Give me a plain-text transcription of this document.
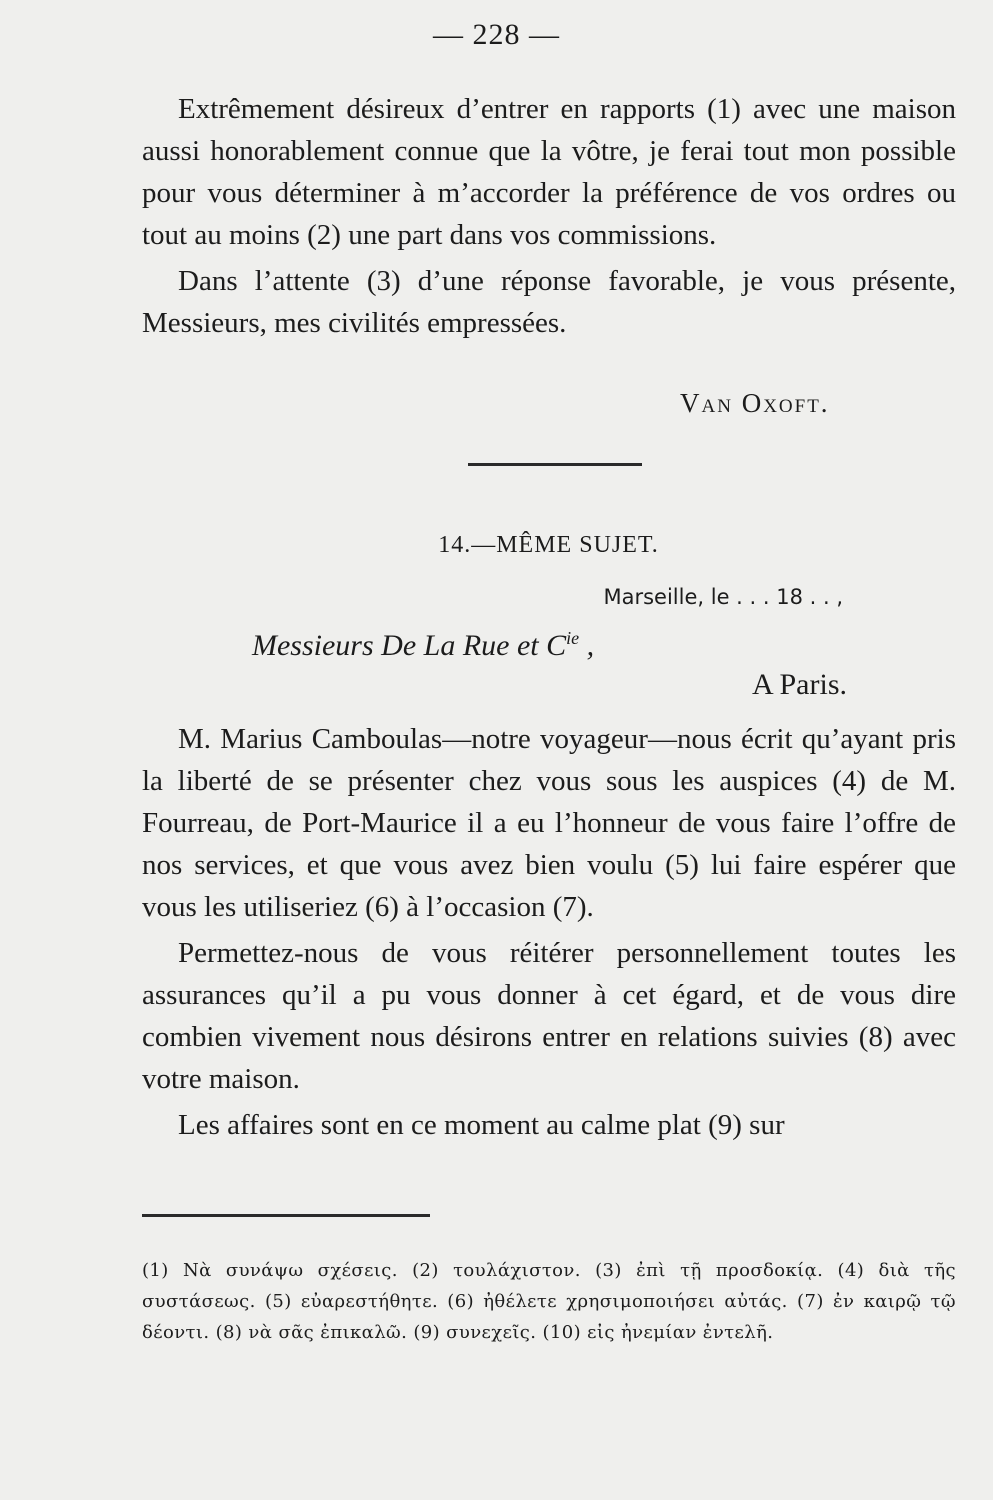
— 228 —

Extrêmement désireux d’entrer en rapports (1) avec une maison aussi honorablement connue que la vôtre, je ferai tout mon possible pour vous déterminer à m’accorder la préférence de vos ordres ou tout au moins (2) une part dans vos commissions.

Dans l’attente (3) d’une réponse favorable, je vous présente, Messieurs, mes civilités empressées.

Van Oxoft.
14.—MÊME SUJET.
Marseille, le . . . 18 . . ,
Messieurs De La Rue et $C^{ie}$ ,
A Paris.

M. Marius Camboulas—notre voyageur—nous écrit qu’ayant pris la liberté de se présenter chez vous sous les auspices (4) de M. Fourreau, de Port-Maurice il a eu l’honneur de vous faire l’offre de nos services, et que vous avez bien voulu (5) lui faire espérer que vous les utiliseriez (6) à l’occasion (7).

Permettez-nous de vous réitérer personnellement toutes les assurances qu’il a pu vous donner à cet égard, et de vous dire combien vivement nous désirons entrer en relations suivies (8) avec votre maison.

Les affaires sont en ce moment au calme plat (9) sur

(1) Νὰ συνάψω σχέσεις. (2) τουλάχιστον. (3) ἐπὶ τῇ προσδοκίᾳ. (4) διὰ τῆς συστάσεως. (5) εὐαρεστήθητε. (6) ἠθέλετε χρησιμοποιήσει αὐτάς. (7) ἐν καιρῷ τῷ δέοντι. (8) νὰ σᾶς ἐπικαλῶ. (9) συνεχεῖς. (10) εἰς ἠνεμίαν ἐντελῆ.
